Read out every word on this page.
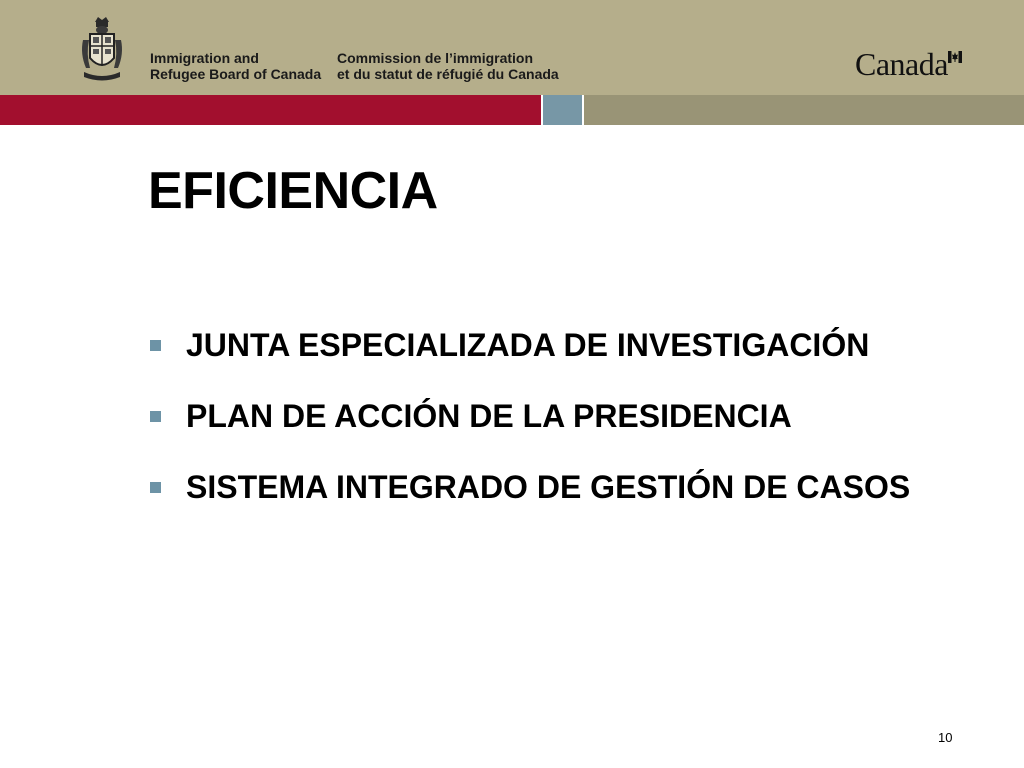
Immigration and
Refugee Board of Canada
Commission de l’immigration
et du statut de réfugié du Canada	Canada
EFICIENCIA
JUNTA ESPECIALIZADA DE INVESTIGACIÓN
PLAN DE ACCIÓN DE LA PRESIDENCIA
SISTEMA INTEGRADO DE GESTIÓN DE CASOS
10
